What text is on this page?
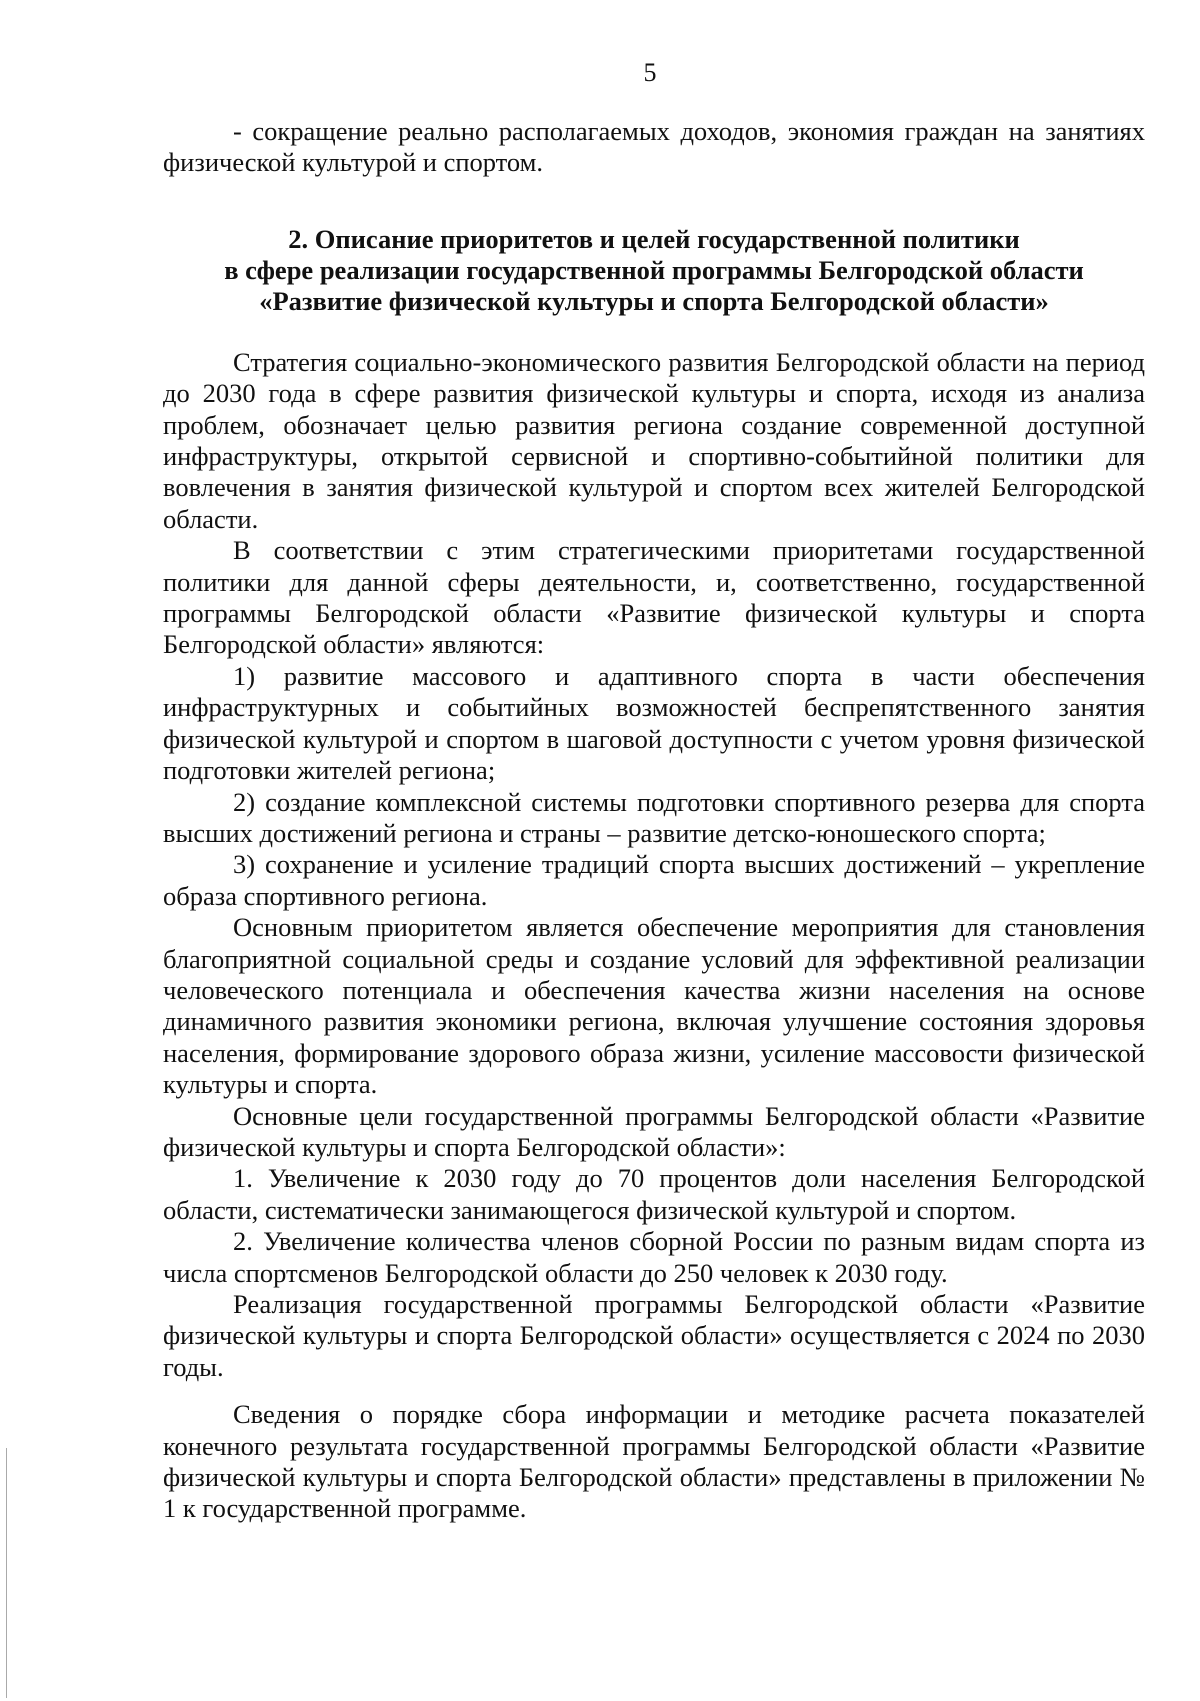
5

- сокращение реально располагаемых доходов, экономия граждан на занятиях физической культурой и спортом.

2. Описание приоритетов и целей государственной политики
в сфере реализации государственной программы Белгородской области
«Развитие физической культуры и спорта Белгородской области»

Стратегия социально-экономического развития Белгородской области на период до 2030 года в сфере развития физической культуры и спорта, исходя из анализа проблем, обозначает целью развития региона создание современной доступной инфраструктуры, открытой сервисной и спортивно-событийной политики для вовлечения в занятия физической культурой и спортом всех жителей Белгородской области.

В соответствии с этим стратегическими приоритетами государственной политики для данной сферы деятельности, и, соответственно, государственной программы Белгородской области «Развитие физической культуры и спорта Белгородской области» являются:

1) развитие массового и адаптивного спорта в части обеспечения инфраструктурных и событийных возможностей беспрепятственного занятия физической культурой и спортом в шаговой доступности с учетом уровня физической подготовки жителей региона;

2) создание комплексной системы подготовки спортивного резерва для спорта высших достижений региона и страны – развитие детско-юношеского спорта;

3) сохранение и усиление традиций спорта высших достижений – укрепление образа спортивного региона.

Основным приоритетом является обеспечение мероприятия для становления благоприятной социальной среды и создание условий для эффективной реализации человеческого потенциала и обеспечения качества жизни населения на основе динамичного развития экономики региона, включая улучшение состояния здоровья населения, формирование здорового образа жизни, усиление массовости физической культуры и спорта.

Основные цели государственной программы Белгородской области «Развитие физической культуры и спорта Белгородской области»:

1. Увеличение к 2030 году до 70 процентов доли населения Белгородской области, систематически занимающегося физической культурой и спортом.

2. Увеличение количества членов сборной России по разным видам спорта из числа спортсменов Белгородской области до 250 человек к 2030 году.

Реализация государственной программы Белгородской области «Развитие физической культуры и спорта Белгородской области» осуществляется с 2024 по 2030 годы.

Сведения о порядке сбора информации и методике расчета показателей конечного результата государственной программы Белгородской области «Развитие физической культуры и спорта Белгородской области» представлены в приложении № 1 к государственной программе.
